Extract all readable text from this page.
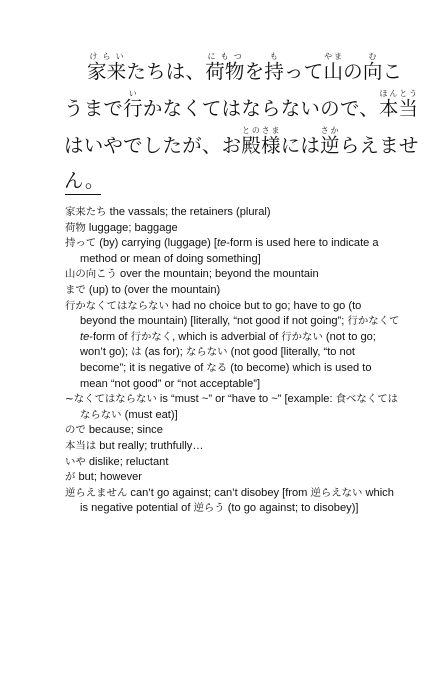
家来けらいたちは、荷物にもつを持もって山やまの向むこ
うまで行いかなくてはならないので、本当ほんとう
はいやでしたが、お殿様とのさまには逆さからえませ
ん。

家来たち the vassals; the retainers (plural)

荷物 luggage; baggage

持って (by) carrying (luggage) [te-form is used here to indicate a method or mean of doing something]

山の向こう over the mountain; beyond the mountain

まで (up) to (over the mountain)

行かなくてはならない had no choice but to go; have to go (to beyond the mountain) [literally, “not good if not going”; 行かなくて te-form of 行かなく, which is adverbial of 行かない (not to go; won’t go); は (as for); ならない (not good [literally, “to not become”; it is negative of なる (to become) which is used to mean “not good” or “not acceptable”]

~なくてはならない is “must ~” or “have to ~” [example: 食べなくてはならない (must eat)]

ので because; since

本当は but really; truthfully…

いや dislike; reluctant

が but; however

逆らえません can’t go against; can’t disobey [from 逆らえない which is negative potential of 逆らう (to go against; to disobey)]
